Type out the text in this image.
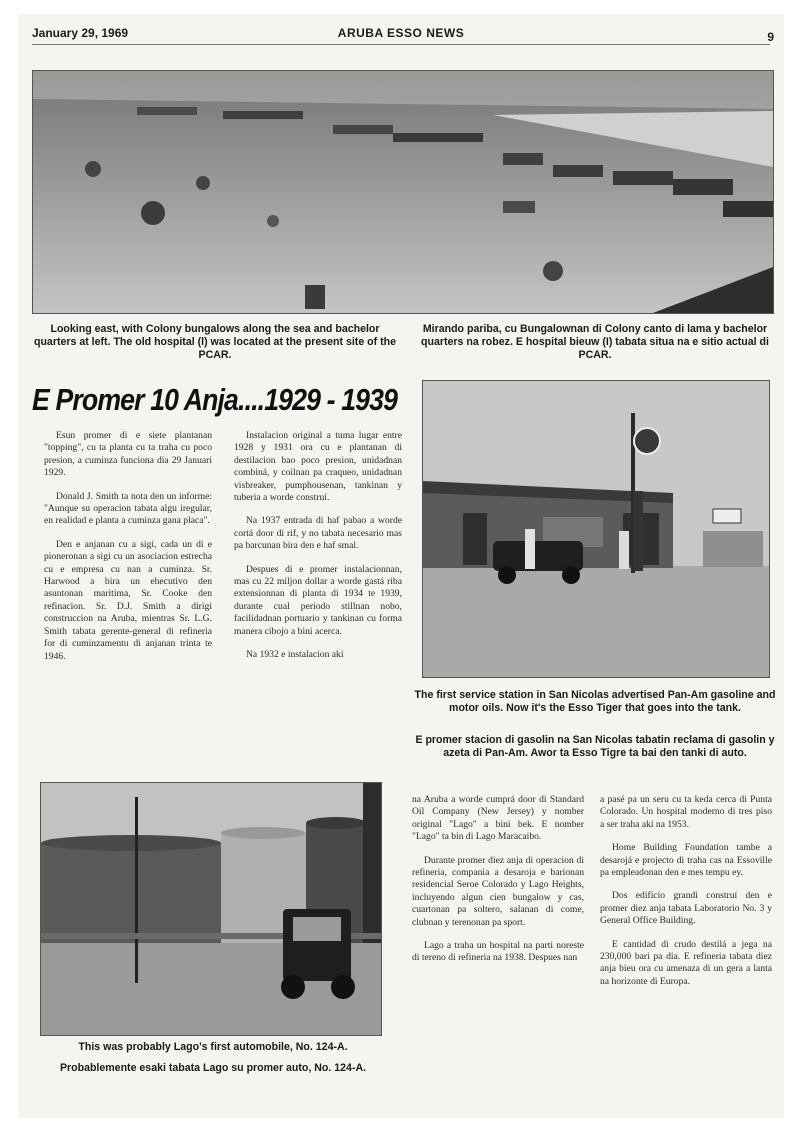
January 29, 1969	ARUBA ESSO NEWS	9
Looking east, with Colony bungalows along the sea and bachelor quarters at left. The old hospital (l) was located at the present site of the PCAR.
Mirando pariba, cu Bungalownan di Colony canto di lama y bachelor quarters na robez. E hospital bieuw (I) tabata situa na e sitio actual di PCAR.
E Promer 10 Anja....1929 - 1939

Esun promer di e siete plantanan "topping", cu ta planta cu ta traha cu poco presion, a cuminza funciona dia 29 Januari 1929.

Donald J. Smith ta nota den un informe: "Aunque su operacion tabata algu iregular, en realidad e planta a cuminza gana placa".

Den e anjanan cu a sigi, cada un di e pioneronan a sigi cu un asociacion estrecha cu e empresa cu nan a cuminza. Sr. Harwood a bira un ehecutivo den asuntonan maritima, Sr. Cooke den refinacion. Sr. D.J. Smith a dirigi construccion na Aruba, mientras Sr. L.G. Smith tabata gerente-general di refineria for di cuminzamentu di anjanan trinta te 1946.

Instalacion original a tuma lugar entre 1928 y 1931 ora cu e plantanan di destilacion bao poco presion, unidadnan combiná, y coilnan pa craqueo, unidadnan visbreaker, pumphousenan, tankinan y tuberia a worde construí.

Na 1937 entrada di haf pabao a worde cortá door di rif, y no tabata necesario mas pa barcunan bira den e haf smal.

Despues di e promer instalacionnan, mas cu 22 miljon dollar a worde gastá riba extensionnan di planta di 1934 te 1939, durante cual periodo stillnan nobo, facilidadnan portuario y tankinan cu forma manera cibojo a bini acerca.

Na 1932 e instalacion aki

The first service station in San Nicolas advertised Pan-Am gasoline and motor oils. Now it's the Esso Tiger that goes into the tank.
E promer stacion di gasolin na San Nicolas tabatin reclama di gasolin y azeta di Pan-Am. Awor ta Esso Tigre ta bai den tanki di auto.
This was probably Lago's first automobile, No. 124-A.
Probablemente esaki tabata Lago su promer auto, No. 124-A.

na Aruba a worde cumprá door di Standard Oil Company (New Jersey) y nomber original "Lago" a bini bek. E nomber "Lago" ta bin di Lago Maracaibo.

Durante promer diez anja di operacion di refineria, compania a desaroja e barionan residencial Seroe Colorado y Lago Heights, incluyendo algun cien bungalow y cas, cuartonan pa soltero, salanan di come, clubnan y terenonan pa sport.

Lago a traha un hospital na parti noreste di tereno di refineria na 1938. Despues nan

a pasé pa un seru cu ta keda cerca di Punta Colorado. Un hospital moderno di tres piso a ser traha aki na 1953.

Home Building Foundation tambe a desarojá e projecto di traha cas na Essoville pa empleadonan den e mes tempu ey.

Dos edificio grandi construí den e promer diez anja tabata Laboratorio No. 3 y General Office Building.

E cantidad di crudo destilá a jega na 230,000 bari pa dia. E refineria tabata diez anja bieu ora cu amenaza di un gera a lanta na horizonte di Europa.
